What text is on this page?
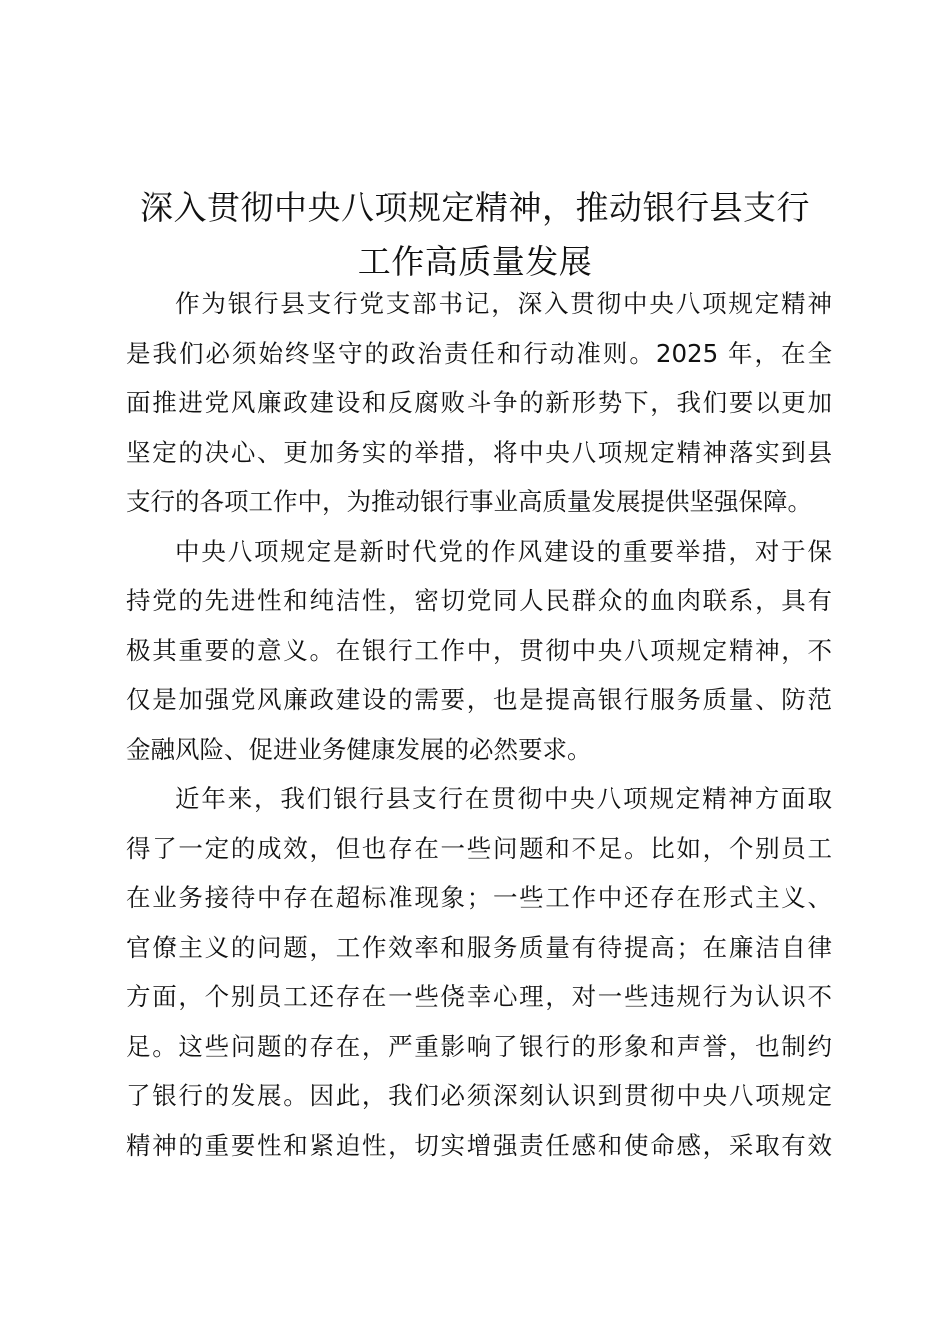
深入贯彻中央八项规定精神，推动银行县支行
工作高质量发展
作为银行县支行党支部书记，深入贯彻中央八项规定精神
是我们必须始终坚守的政治责任和行动准则。2025 年，在全
面推进党风廉政建设和反腐败斗争的新形势下，我们要以更加
坚定的决心、更加务实的举措，将中央八项规定精神落实到县
支行的各项工作中，为推动银行事业高质量发展提供坚强保障。
中央八项规定是新时代党的作风建设的重要举措，对于保
持党的先进性和纯洁性，密切党同人民群众的血肉联系，具有
极其重要的意义。在银行工作中，贯彻中央八项规定精神，不
仅是加强党风廉政建设的需要，也是提高银行服务质量、防范
金融风险、促进业务健康发展的必然要求。
近年来，我们银行县支行在贯彻中央八项规定精神方面取
得了一定的成效，但也存在一些问题和不足。比如，个别员工
在业务接待中存在超标准现象；一些工作中还存在形式主义、
官僚主义的问题，工作效率和服务质量有待提高；在廉洁自律
方面，个别员工还存在一些侥幸心理，对一些违规行为认识不
足。这些问题的存在，严重影响了银行的形象和声誉，也制约
了银行的发展。因此，我们必须深刻认识到贯彻中央八项规定
精神的重要性和紧迫性，切实增强责任感和使命感，采取有效
